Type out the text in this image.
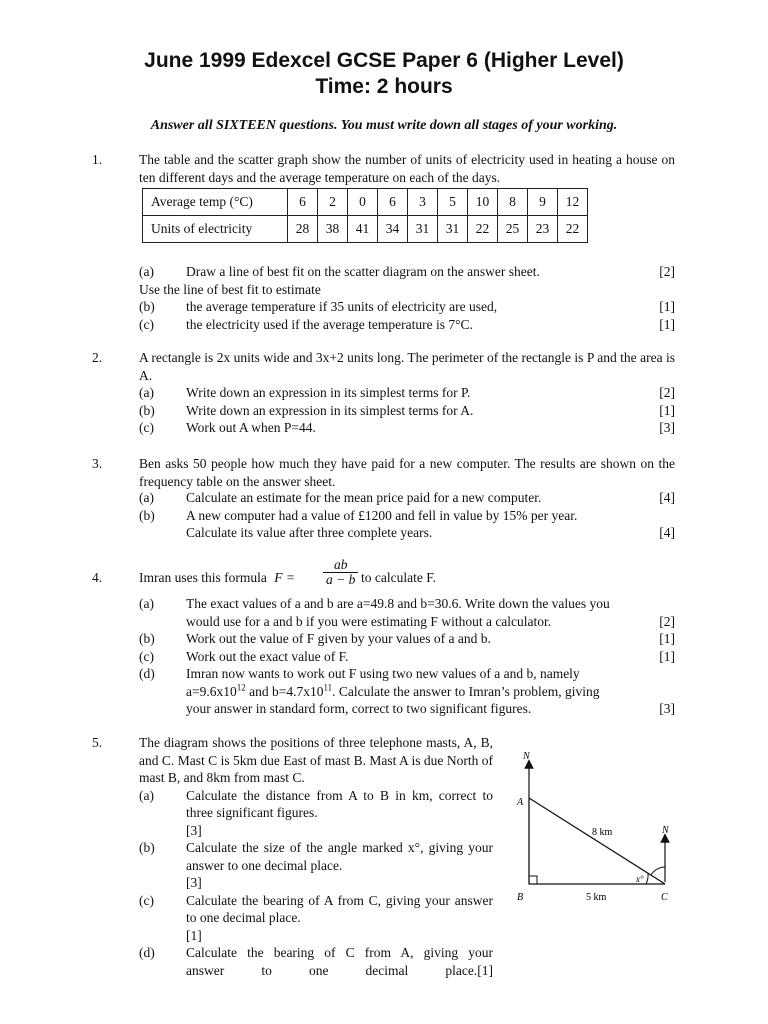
June 1999 Edexcel GCSE Paper 6 (Higher Level)
Time: 2 hours
Answer all SIXTEEN questions. You must write down all stages of your working.
1.	The table and the scatter graph show the number of units of electricity used in heating a house on ten different days and the average temperature on each of the days.
Average temp (°C)	6	2	0	6	3	5	10	8	9	12
Units of electricity	28	38	41	34	31	31	22	25	23	22
(a) Draw a line of best fit on the scatter diagram on the answer sheet.	[2]
Use the line of best fit to estimate
(b) the average temperature if 35 units of electricity are used,	[1]
(c) the electricity used if the average temperature is 7°C.	[1]
2.	A rectangle is 2x units wide and 3x+2 units long. The perimeter of the rectangle is P and the area is A.
(a) Write down an expression in its simplest terms for P.	[2]
(b) Write down an expression in its simplest terms for A.	[1]
(c) Work out A when P=44.	[3]
3.	Ben asks 50 people how much they have paid for a new computer. The results are shown on the frequency table on the answer sheet.
(a) Calculate an estimate for the mean price paid for a new computer.	[4]
(b) A new computer had a value of £1200 and fell in value by 15% per year.
Calculate its value after three complete years.	[4]
4.	Imran uses this formula $F = \frac{ab}{a - b}$ to calculate F.
(a) The exact values of a and b are a=49.8 and b=30.6. Write down the values you
would use for a and b if you were estimating F without a calculator.	[2]
(b) Work out the value of F given by your values of a and b.	[1]
(c) Work out the exact value of F.	[1]
(d) Imran now wants to work out F using two new values of a and b, namely
$a=9.6x10^{12}$ and $b=4.7x10^{11}$. Calculate the answer to Imran’s problem, giving
your answer in standard form, correct to two significant figures.	[3]
5.	The diagram shows the positions of three telephone masts, A, B, and C. Mast C is 5km due East of mast B. Mast A is due North of mast B, and 8km from mast C.
(a) Calculate the distance from A to B in km, correct to three significant figures.
[3]
(b) Calculate the size of the angle marked x°, giving your answer to one decimal place.
[3]
(c) Calculate the bearing of A from C, giving your answer to one decimal place.
[1]
(d) Calculate the bearing of C from A, giving your
answer to one decimal place. [1]
N
N
A
B	C
8 km
5 km
x°
